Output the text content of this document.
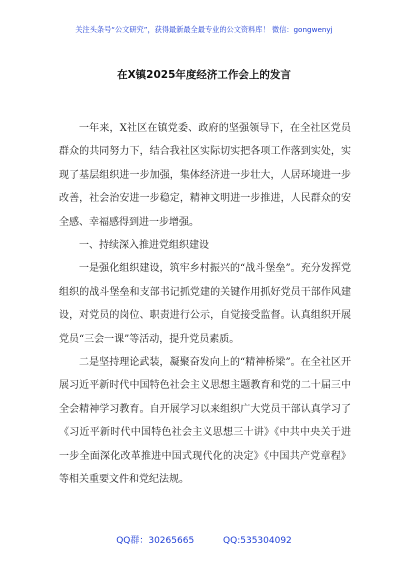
关注头条号“公文研究”，获得最新最全最专业的公文资料库！ 微信：gongwenyj
在X镇2025年度经济工作会上的发言

一年来，X社区在镇党委、政府的坚强领导下，在全社区党员群众的共同努力下，结合我社区实际切实把各项工作落到实处，实现了基层组织进一步加强，集体经济进一步壮大，人居环境进一步改善，社会治安进一步稳定，精神文明进一步推进，人民群众的安全感、幸福感得到进一步增强。

一、持续深入推进党组织建设

一是强化组织建设，筑牢乡村振兴的“战斗堡垒”。充分发挥党组织的战斗堡垒和支部书记抓党建的关键作用抓好党员干部作风建设，对党员的岗位、职责进行公示，自觉接受监督。认真组织开展党员“三会一课”等活动，提升党员素质。

二是坚持理论武装，凝聚奋发向上的“精神桥梁”。在全社区开展习近平新时代中国特色社会主义思想主题教育和党的二十届三中全会精神学习教育。自开展学习以来组织广大党员干部认真学习了《习近平新时代中国特色社会主义思想三十讲》《中共中央关于进一步全面深化改革推进中国式现代化的决定》《中国共产党章程》等相关重要文件和党纪法规。

QQ群：30265665	QQ:535304092
